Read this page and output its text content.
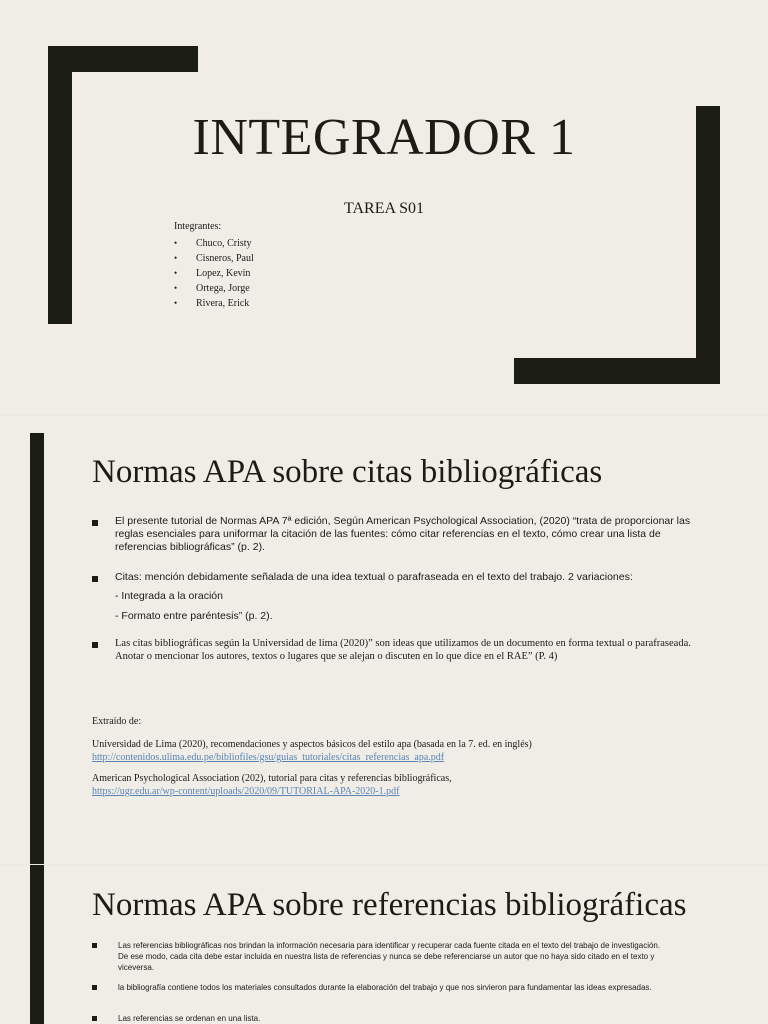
INTEGRADOR 1

TAREA S01

Integrantes:
•	Chuco, Cristy
•	Cisneros, Paul
•	Lopez, Kevin
•	Ortega, Jorge
•	Rivera, Erick
Normas APA sobre citas bibliográficas
El presente tutorial de Normas APA 7ª edición, Según American Psychological Association, (2020) “trata de proporcionar las reglas esenciales para uniformar la citación de las fuentes: cómo citar referencias en el texto, cómo crear una lista de referencias bibliográficas” (p. 2).
Citas: mención debidamente señalada de una idea textual o parafraseada en el texto del trabajo. 2 variaciones:
- Integrada a la oración
- Formato entre paréntesis” (p. 2).
Las citas bibliográficas según la Universidad de lima (2020)” son ideas que utilizamos de un documento en forma textual o parafraseada. Anotar o mencionar los autores, textos o lugares que se alejan o discuten en lo que dice en el RAE” (P. 4)
Extraído de:
Universidad de Lima (2020), recomendaciones y aspectos básicos del estilo apa (basada en la 7. ed. en inglés)
http://contenidos.ulima.edu.pe/bibliofiles/gsu/guias_tutoriales/citas_referencias_apa.pdf
American Psychological Association (202), tutorial para citas y referencias bibliográficas,
https://ugr.edu.ar/wp-content/uploads/2020/09/TUTORIAL-APA-2020-1.pdf
Normas APA sobre referencias bibliográficas
Las referencias bibliográficas nos brindan la información necesaria para identificar y recuperar cada fuente citada en el texto del trabajo de investigación. De ese modo, cada cita debe estar incluida en nuestra lista de referencias y nunca se debe referenciarse un autor que no haya sido citado en el texto y viceversa.
la bibliografía contiene todos los materiales consultados durante la elaboración del trabajo y que nos sirvieron para fundamentar las ideas expresadas.
Las referencias se ordenan en una lista.
